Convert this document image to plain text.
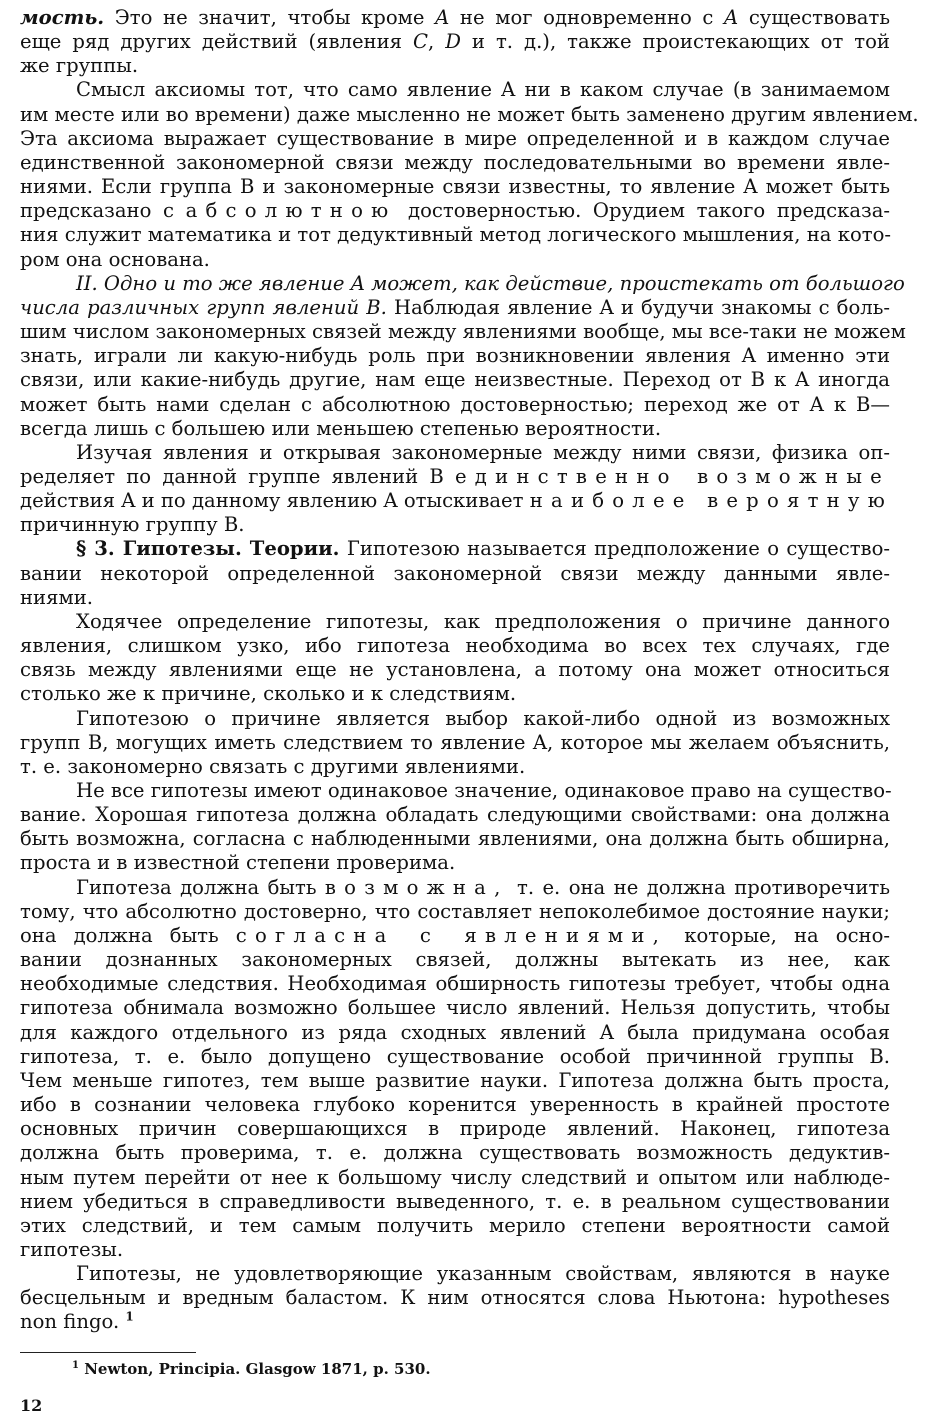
мость. Это не значит, чтобы кроме A не мог одновременно с A существовать
еще ряд других действий (явления C, D и т. д.), также проистекающих от той
же группы.
Смысл аксиомы тот, что само явление A ни в каком случае (в занимаемом
им месте или во времени) даже мысленно не может быть заменено другим явлением.
Эта аксиома выражает существование в мире определенной и в каждом случае
единственной закономерной связи между последовательными во времени явле-
ниями. Если группа B и закономерные связи известны, то явление A может быть
предсказано с абсолютною достоверностью. Орудием такого предсказа-
ния служит математика и тот дедуктивный метод логического мышления, на кото-
ром она основана.
II. Одно и то же явление A может, как действие, проистекать от большого
числа различных групп явлений B. Наблюдая явление A и будучи знакомы с боль-
шим числом закономерных связей между явлениями вообще, мы все-таки не можем
знать, играли ли какую-нибудь роль при возникновении явления A именно эти
связи, или какие-нибудь другие, нам еще неизвестные. Переход от B к A иногда
может быть нами сделан с абсолютною достоверностью; переход же от A к B—
всегда лишь с большею или меньшею степенью вероятности.
Изучая явления и открывая закономерные между ними связи, физика оп-
ределяет по данной группе явлений B единственно возможные
действия A и по данному явлению A отыскивает наиболее вероятную
причинную группу B.
§ 3. Гипотезы. Теории. Гипотезою называется предположение о существо-
вании некоторой определенной закономерной связи между данными явле-
ниями.
Ходячее определение гипотезы, как предположения о причине данного
явления, слишком узко, ибо гипотеза необходима во всех тех случаях, где
связь между явлениями еще не установлена, а потому она может относиться
столько же к причине, сколько и к следствиям.
Гипотезою о причине является выбор какой-либо одной из возможных
групп B, могущих иметь следствием то явление A, которое мы желаем объяснить,
т. е. закономерно связать с другими явлениями.
Не все гипотезы имеют одинаковое значение, одинаковое право на существо-
вание. Хорошая гипотеза должна обладать следующими свойствами: она должна
быть возможна, согласна с наблюденными явлениями, она должна быть обширна,
проста и в известной степени проверима.
Гипотеза должна быть возможна, т. е. она не должна противоречить
тому, что абсолютно достоверно, что составляет непоколебимое достояние науки;
она должна быть согласна с явлениями, которые, на осно-
вании дознанных закономерных связей, должны вытекать из нее, как
необходимые следствия. Необходимая обширность гипотезы требует, чтобы одна
гипотеза обнимала возможно большее число явлений. Нельзя допустить, чтобы
для каждого отдельного из ряда сходных явлений A была придумана особая
гипотеза, т. е. было допущено существование особой причинной группы B.
Чем меньше гипотез, тем выше развитие науки. Гипотеза должна быть проста,
ибо в сознании человека глубоко коренится уверенность в крайней простоте
основных причин совершающихся в природе явлений. Наконец, гипотеза
должна быть проверима, т. е. должна существовать возможность дедуктив-
ным путем перейти от нее к большому числу следствий и опытом или наблюде-
нием убедиться в справедливости выведенного, т. е. в реальном существовании
этих следствий, и тем самым получить мерило степени вероятности самой
гипотезы.
Гипотезы, не удовлетворяющие указанным свойствам, являются в науке
бесцельным и вредным баластом. К ним относятся слова Ньютона: hypotheses
non fingo. $^1$
$^1$ Newton, Principia. Glasgow 1871, p. 530.
12
